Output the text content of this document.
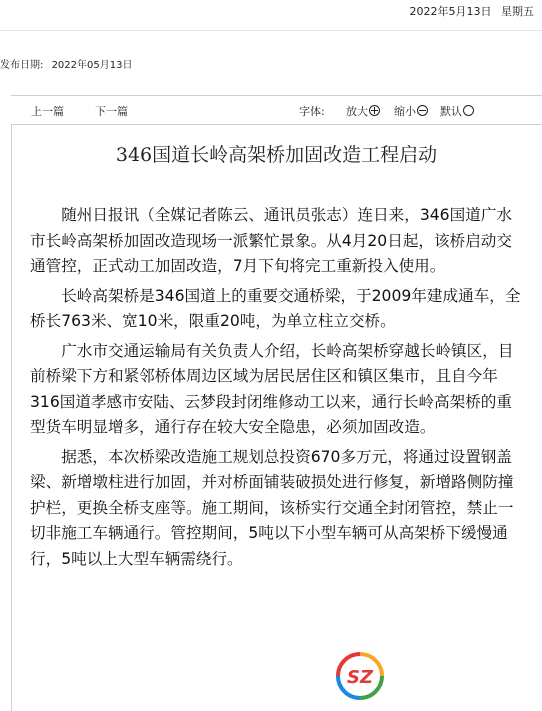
2022年5月13日 星期五
发布日期: 2022年05月13日
上一篇	下一篇	字体: 放大	缩小	默认
346国道长岭高架桥加固改造工程启动

随州日报讯（全媒记者陈云、通讯员张志）连日来，346国道广水市长岭高架桥加固改造现场一派繁忙景象。从4月20日起，该桥启动交通管控，正式动工加固改造，7月下旬将完工重新投入使用。

长岭高架桥是346国道上的重要交通桥梁，于2009年建成通车，全桥长763米、宽10米，限重20吨，为单立柱立交桥。

广水市交通运输局有关负责人介绍，长岭高架桥穿越长岭镇区，目前桥梁下方和紧邻桥体周边区域为居民居住区和镇区集市，且自今年316国道孝感市安陆、云梦段封闭维修动工以来，通行长岭高架桥的重型货车明显增多，通行存在较大安全隐患，必须加固改造。

据悉，本次桥梁改造施工规划总投资670多万元，将通过设置钢盖梁、新增墩柱进行加固，并对桥面铺装破损处进行修复，新增路侧防撞护栏，更换全桥支座等。施工期间，该桥实行交通全封闭管控，禁止一切非施工车辆通行。管控期间，5吨以下小型车辆可从高架桥下缓慢通行，5吨以上大型车辆需绕行。

SZ
